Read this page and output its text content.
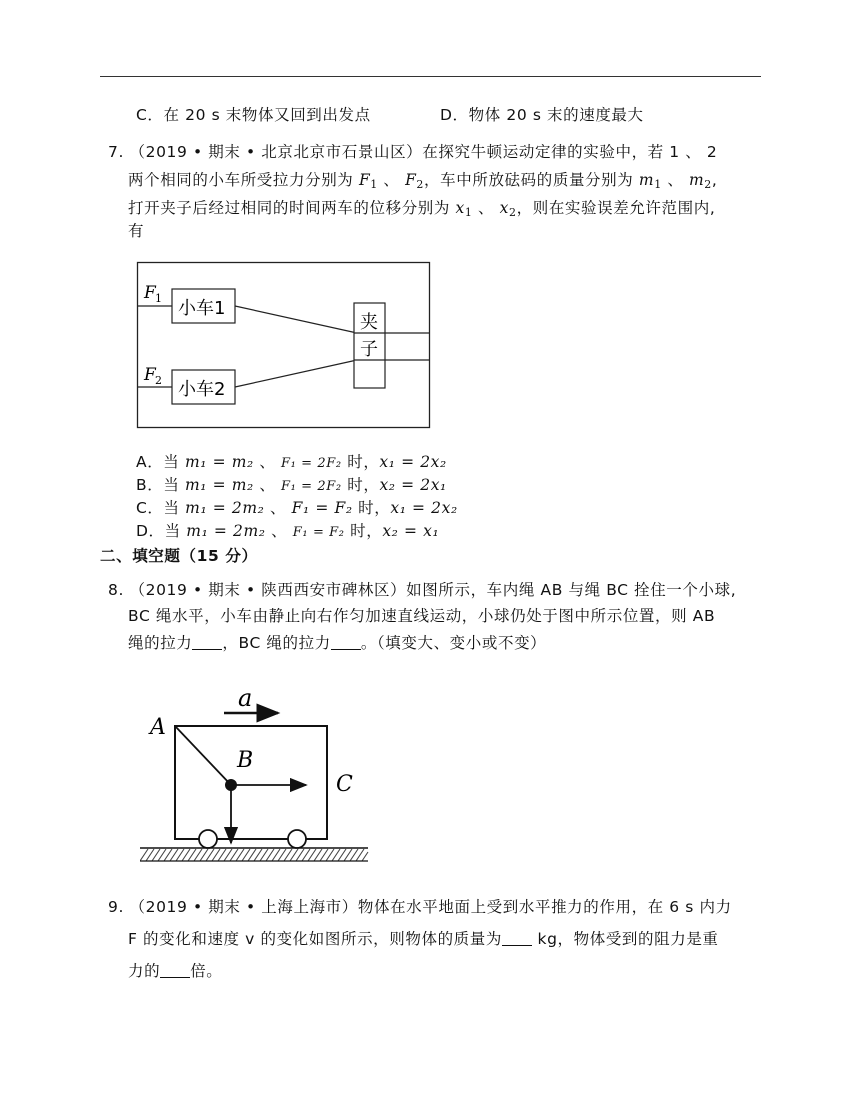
C．在 20 s 末物体又回到出发点	D．物体 20 s 末的速度最大
7. （2019 • 期末 • 北京北京市石景山区）在探究牛顿运动定律的实验中，若 1 、 2
两个相同的小车所受拉力分别为 $F_1$ 、 $F_2$，车中所放砝码的质量分别为 $m_1$ 、 $m_2$,
打开夹子后经过相同的时间两车的位移分别为 $x_1$ 、 $x_2$，则在实验误差允许范围内,
有
F 1 小车1
F 2 小车2
夹
子
A．当 m₁ = m₂ 、 F₁ = 2F₂ 时，x₁ = 2x₂
B．当 m₁ = m₂ 、 F₁ = 2F₂ 时，x₂ = 2x₁
C．当 m₁ = 2m₂ 、 F₁ = F₂ 时，x₁ = 2x₂
D．当 m₁ = 2m₂ 、 F₁ = F₂ 时，x₂ = x₁
二、填空题（15 分）
8. （2019 • 期末 • 陕西西安市碑林区）如图所示，车内绳 AB 与绳 BC 拴住一个小球,
BC 绳水平，小车由静止向右作匀加速直线运动，小球仍处于图中所示位置，则 AB
绳的拉力 ，BC 绳的拉力 。（填变大、变小或不变）
a
A
B
C
9. （2019 • 期末 • 上海上海市）物体在水平地面上受到水平推力的作用，在 6 s 内力
F 的变化和速度 v 的变化如图所示，则物体的质量为 kg，物体受到的阻力是重
力的 倍。
